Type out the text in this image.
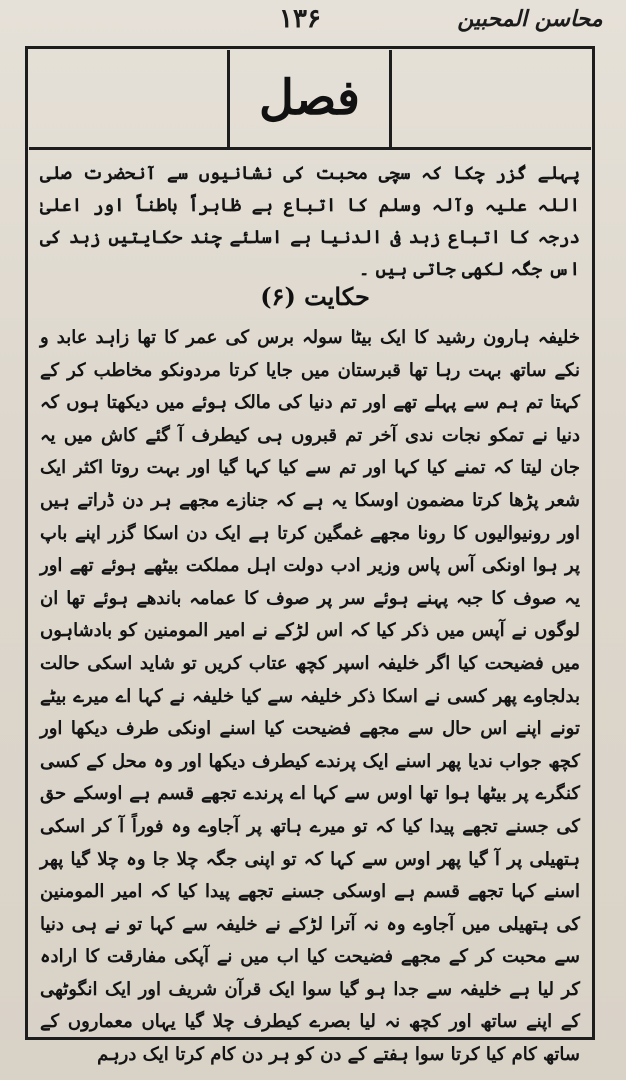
۱۳۶	محاسن المحبین
فصل
پہلے گزر چکا کہ سچی محبت کی نشانیوں سے آنحضرت صلی اللہ علیہ وآلہ وسلم کا اتباع ہے ظاہراً باطناً اور اعلیٰ درجہ کا اتباع زہد فی الدنیا ہے اسلئے چند حکایتیں زہد کی اس جگہ لکھی جاتی ہیں ۔
حکایت (۶)
خلیفہ ہارون رشید کا ایک بیٹا سولہ برس کی عمر کا تھا زاہد عابد و نکے ساتھ بہت رہا تھا قبرستان میں جایا کرتا مردونکو مخاطب کر کے کہتا تم ہم سے پہلے تھے اور تم دنیا کی مالک ہوئے میں دیکھتا ہوں کہ دنیا نے تمکو نجات ندی آخر تم قبروں ہی کیطرف آ گئے کاش میں یہ جان لیتا کہ تمنے کیا کہا اور تم سے کیا کہا گیا اور بہت روتا اکثر ایک شعر پڑھا کرتا مضمون اوسکا یہ ہے کہ جنازے مجھے ہر دن ڈراتے ہیں اور رونیوالیوں کا رونا مجھے غمگین کرتا ہے ایک دن اسکا گزر اپنے باپ پر ہوا اونکی آس پاس وزیر ادب دولت اہل مملکت بیٹھے ہوئے تھے اور یہ صوف کا جبہ پہنے ہوئے سر پر صوف کا عمامہ باندھے ہوئے تھا ان لوگوں نے آپس میں ذکر کیا کہ اس لڑکے نے امیر المومنین کو بادشاہوں میں فضیحت کیا اگر خلیفہ اسپر کچھ عتاب کریں تو شاید اسکی حالت بدلجاوے پھر کسی نے اسکا ذکر خلیفہ سے کیا خلیفہ نے کہا اے میرے بیٹے تونے اپنے اس حال سے مجھے فضیحت کیا اسنے اونکی طرف دیکھا اور کچھ جواب ندیا پھر اسنے ایک پرندے کیطرف دیکھا اور وہ محل کے کسی کنگرے پر بیٹھا ہوا تھا اوس سے کہا اے پرندے تجھے قسم ہے اوسکے حق کی جسنے تجھے پیدا کیا کہ تو میرے ہاتھ پر آجاوے وہ فوراً آ کر اسکی ہتھیلی پر آ گیا پھر اوس سے کہا کہ تو اپنی جگہ چلا جا وہ چلا گیا پھر اسنے کہا تجھے قسم ہے اوسکی جسنے تجھے پیدا کیا کہ امیر المومنین کی ہتھیلی میں آجاوے وہ نہ آترا لڑکے نے خلیفہ سے کہا تو نے ہی دنیا سے محبت کر کے مجھے فضیحت کیا اب میں نے آپکی مفارقت کا ارادہ کر لیا ہے خلیفہ سے جدا ہو گیا سوا ایک قرآن شریف اور ایک انگوٹھی کے اپنے ساتھ اور کچھ نہ لیا بصرے کیطرف چلا گیا یہاں معماروں کے ساتھ کام کیا کرتا سوا ہفتے کے دن کو ہر دن کام کرتا ایک درہم
